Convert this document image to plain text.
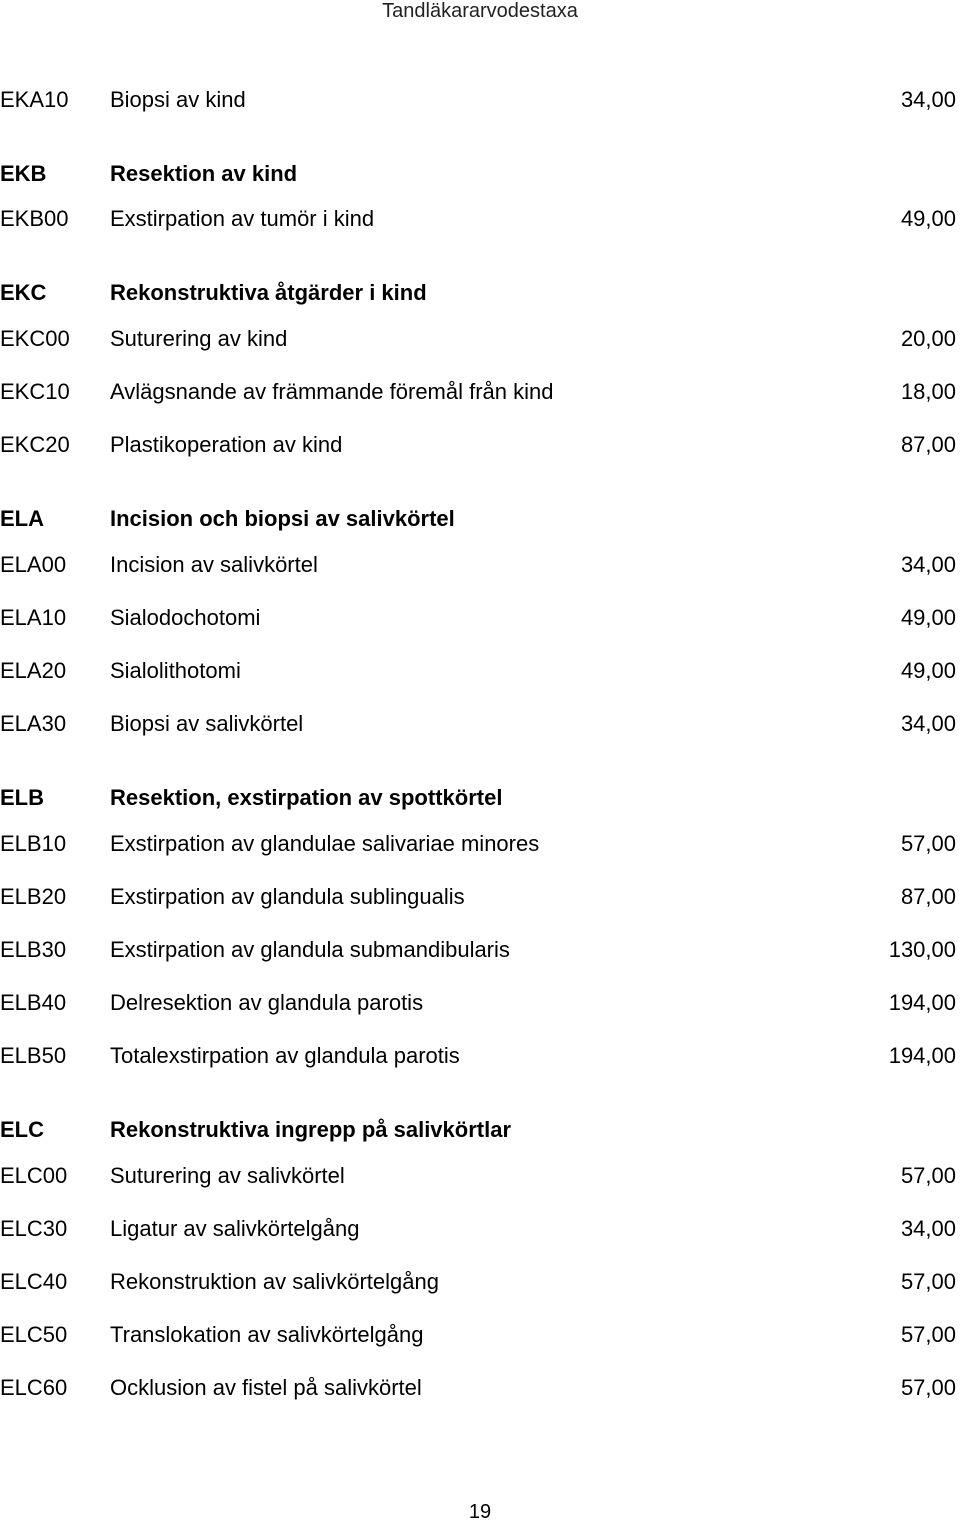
Tandläkararvodestaxa
EKA10 Biopsi av kind	34,00
EKB	Resektion av kind
EKB00 Exstirpation av tumör i kind	49,00
EKC	Rekonstruktiva åtgärder i kind
EKC00 Suturering av kind	20,00
EKC10 Avlägsnande av främmande föremål från kind	18,00
EKC20 Plastikoperation av kind	87,00
ELA	Incision och biopsi av salivkörtel
ELA00 Incision av salivkörtel	34,00
ELA10 Sialodochotomi	49,00
ELA20 Sialolithotomi	49,00
ELA30 Biopsi av salivkörtel	34,00
ELB	Resektion, exstirpation av spottkörtel
ELB10 Exstirpation av glandulae salivariae minores	57,00
ELB20 Exstirpation av glandula sublingualis	87,00
ELB30 Exstirpation av glandula submandibularis	130,00
ELB40 Delresektion av glandula parotis	194,00
ELB50 Totalexstirpation av glandula parotis	194,00
ELC	Rekonstruktiva ingrepp på salivkörtlar
ELC00 Suturering av salivkörtel	57,00
ELC30 Ligatur av salivkörtelgång	34,00
ELC40 Rekonstruktion av salivkörtelgång	57,00
ELC50 Translokation av salivkörtelgång	57,00
ELC60 Ocklusion av fistel på salivkörtel	57,00
19
